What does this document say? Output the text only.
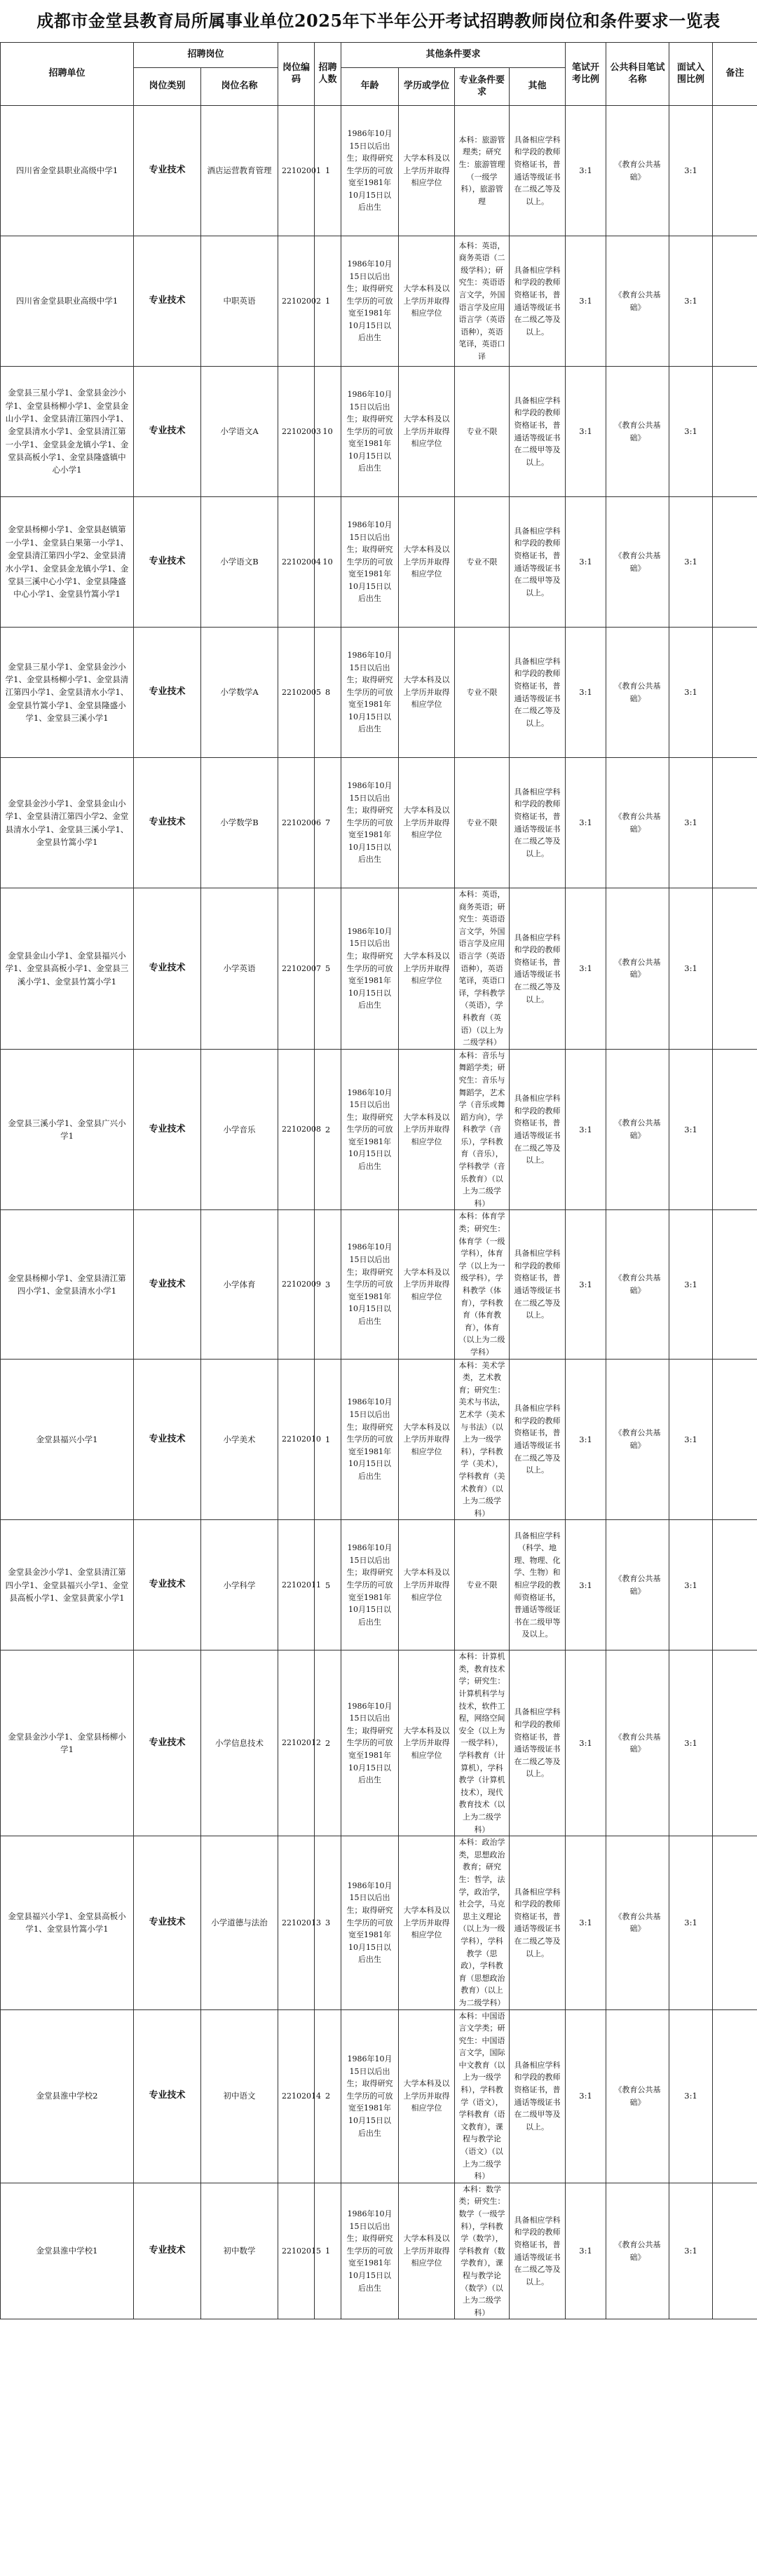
成都市金堂县教育局所属事业单位2025年下半年公开考试招聘教师岗位和条件要求一览表
招聘单位	招聘岗位		岗位编码	招聘人数	其他条件要求				笔试开考比例	公共科目笔试名称	面试入围比例	备注
	岗位类别	岗位名称			年龄	学历或学位	专业条件要求	其他				
四川省金堂县职业高级中学1	专业技术	酒店运营教育管理	22102001	1	1986年10月15日以后出生；取得研究生学历的可放宽至1981年10月15日以后出生	大学本科及以上学历并取得相应学位	本科：旅游管理类；研究生：旅游管理（一级学科），旅游管理	具备相应学科和学段的教师资格证书，普通话等级证书在二级乙等及以上。	3:1	《教育公共基础》	3:1	
四川省金堂县职业高级中学1	专业技术	中职英语	22102002	1	1986年10月15日以后出生；取得研究生学历的可放宽至1981年10月15日以后出生	大学本科及以上学历并取得相应学位	本科：英语，商务英语（二级学科）；研究生：英语语言文学，外国语言学及应用语言学（英语语种），英语笔译，英语口译	具备相应学科和学段的教师资格证书，普通话等级证书在二级乙等及以上。	3:1	《教育公共基础》	3:1	
金堂县三星小学1、金堂县金沙小学1、金堂县杨柳小学1、金堂县金山小学1、金堂县清江第四小学1、金堂县清水小学1、金堂县清江第一小学1、金堂县金龙镇小学1、金堂县高板小学1、金堂县隆盛镇中心小学1	专业技术	小学语文A	22102003	10	1986年10月15日以后出生；取得研究生学历的可放宽至1981年10月15日以后出生	大学本科及以上学历并取得相应学位	专业不限	具备相应学科和学段的教师资格证书，普通话等级证书在二级甲等及以上。	3:1	《教育公共基础》	3:1	
金堂县杨柳小学1、金堂县赵镇第一小学1、金堂县白果第一小学1、金堂县清江第四小学2、金堂县清水小学1、金堂县金龙镇小学1、金堂县三溪中心小学1、金堂县隆盛中心小学1、金堂县竹篙小学1	专业技术	小学语文B	22102004	10	1986年10月15日以后出生；取得研究生学历的可放宽至1981年10月15日以后出生	大学本科及以上学历并取得相应学位	专业不限	具备相应学科和学段的教师资格证书，普通话等级证书在二级甲等及以上。	3:1	《教育公共基础》	3:1	
金堂县三星小学1、金堂县金沙小学1、金堂县杨柳小学1、金堂县清江第四小学1、金堂县清水小学1、金堂县竹篙小学1、金堂县隆盛小学1、金堂县三溪小学1	专业技术	小学数学A	22102005	8	1986年10月15日以后出生；取得研究生学历的可放宽至1981年10月15日以后出生	大学本科及以上学历并取得相应学位	专业不限	具备相应学科和学段的教师资格证书，普通话等级证书在二级乙等及以上。	3:1	《教育公共基础》	3:1	
金堂县金沙小学1、金堂县金山小学1、金堂县清江第四小学2、金堂县清水小学1、金堂县三溪小学1、金堂县竹篙小学1	专业技术	小学数学B	22102006	7	1986年10月15日以后出生；取得研究生学历的可放宽至1981年10月15日以后出生	大学本科及以上学历并取得相应学位	专业不限	具备相应学科和学段的教师资格证书，普通话等级证书在二级乙等及以上。	3:1	《教育公共基础》	3:1	
金堂县金山小学1、金堂县福兴小学1、金堂县高板小学1、金堂县三溪小学1、金堂县竹篙小学1	专业技术	小学英语	22102007	5	1986年10月15日以后出生；取得研究生学历的可放宽至1981年10月15日以后出生	大学本科及以上学历并取得相应学位	本科：英语，商务英语；研究生：英语语言文学，外国语言学及应用语言学（英语语种），英语笔译，英语口译，学科教学（英语），学科教育（英语）（以上为二级学科）	具备相应学科和学段的教师资格证书，普通话等级证书在二级乙等及以上。	3:1	《教育公共基础》	3:1	
金堂县三溪小学1、金堂县广兴小学1	专业技术	小学音乐	22102008	2	1986年10月15日以后出生；取得研究生学历的可放宽至1981年10月15日以后出生	大学本科及以上学历并取得相应学位	本科：音乐与舞蹈学类；研究生：音乐与舞蹈学，艺术学（音乐或舞蹈方向），学科教学（音乐），学科教育（音乐），学科教学（音乐教育）（以上为二级学科）	具备相应学科和学段的教师资格证书，普通话等级证书在二级乙等及以上。	3:1	《教育公共基础》	3:1	
金堂县杨柳小学1、金堂县清江第四小学1、金堂县清水小学1	专业技术	小学体育	22102009	3	1986年10月15日以后出生；取得研究生学历的可放宽至1981年10月15日以后出生	大学本科及以上学历并取得相应学位	本科：体育学类；研究生：体育学（一级学科），体育学（以上为一级学科），学科教学（体育），学科教育（体育教育），体育（以上为二级学科）	具备相应学科和学段的教师资格证书，普通话等级证书在二级乙等及以上。	3:1	《教育公共基础》	3:1	
金堂县福兴小学1	专业技术	小学美术	22102010	1	1986年10月15日以后出生；取得研究生学历的可放宽至1981年10月15日以后出生	大学本科及以上学历并取得相应学位	本科：美术学类，艺术教育；研究生：美术与书法，艺术学（美术与书法）（以上为一级学科），学科教学（美术），学科教育（美术教育）（以上为二级学科）	具备相应学科和学段的教师资格证书，普通话等级证书在二级乙等及以上。	3:1	《教育公共基础》	3:1	
金堂县金沙小学1、金堂县清江第四小学1、金堂县福兴小学1、金堂县高板小学1、金堂县黄家小学1	专业技术	小学科学	22102011	5	1986年10月15日以后出生；取得研究生学历的可放宽至1981年10月15日以后出生	大学本科及以上学历并取得相应学位	专业不限	具备相应学科（科学、地理、物理、化学、生物）和相应学段的教师资格证书，普通话等级证书在二级甲等及以上。	3:1	《教育公共基础》	3:1	
金堂县金沙小学1、金堂县杨柳小学1	专业技术	小学信息技术	22102012	2	1986年10月15日以后出生；取得研究生学历的可放宽至1981年10月15日以后出生	大学本科及以上学历并取得相应学位	本科：计算机类，教育技术学；研究生：计算机科学与技术，软件工程，网络空间安全（以上为一级学科），学科教育（计算机），学科教学（计算机技术），现代教育技术（以上为二级学科）	具备相应学科和学段的教师资格证书，普通话等级证书在二级乙等及以上。	3:1	《教育公共基础》	3:1	
金堂县福兴小学1、金堂县高板小学1、金堂县竹篙小学1	专业技术	小学道德与法治	22102013	3	1986年10月15日以后出生；取得研究生学历的可放宽至1981年10月15日以后出生	大学本科及以上学历并取得相应学位	本科：政治学类，思想政治教育；研究生：哲学，法学，政治学，社会学，马克思主义理论（以上为一级学科），学科教学（思政），学科教育（思想政治教育）（以上为二级学科）	具备相应学科和学段的教师资格证书，普通话等级证书在二级乙等及以上。	3:1	《教育公共基础》	3:1	
金堂县淮中学校2	专业技术	初中语文	22102014	2	1986年10月15日以后出生；取得研究生学历的可放宽至1981年10月15日以后出生	大学本科及以上学历并取得相应学位	本科：中国语言文学类；研究生：中国语言文学，国际中文教育（以上为一级学科），学科教学（语文），学科教育（语文教育），课程与教学论（语文）（以上为二级学科）	具备相应学科和学段的教师资格证书，普通话等级证书在二级甲等及以上。	3:1	《教育公共基础》	3:1	
金堂县淮中学校1	专业技术	初中数学	22102015	1	1986年10月15日以后出生；取得研究生学历的可放宽至1981年10月15日以后出生	大学本科及以上学历并取得相应学位	本科：数学类；研究生：数学（一级学科），学科教学（数学），学科教育（数学教育），课程与教学论（数学）（以上为二级学科）	具备相应学科和学段的教师资格证书，普通话等级证书在二级乙等及以上。	3:1	《教育公共基础》	3:1	
